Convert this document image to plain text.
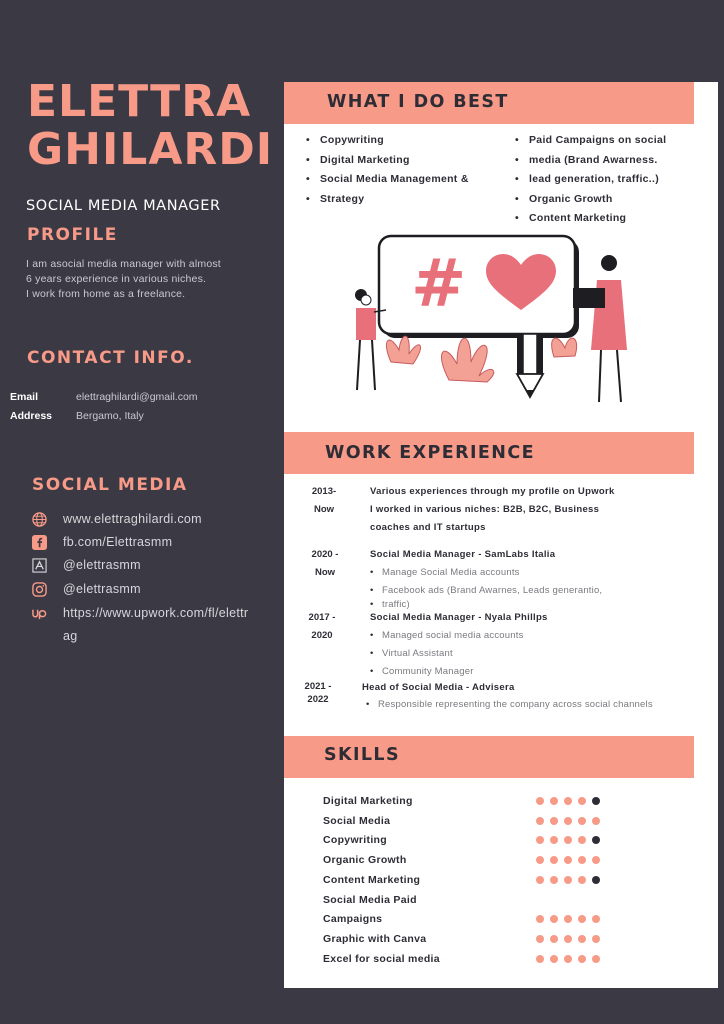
ELETTRA
GHILARDI
SOCIAL MEDIA MANAGER
PROFILE
I am asocial media manager with almost
6 years experience in various niches.
I work from home as a freelance.
CONTACT INFO.
Email	elettraghilardi@gmail.com
Address Bergamo, Italy
SOCIAL MEDIA
www.elettraghilardi.com
fb.com/Elettrasmm
@elettrasmm
@elettrasmm
https://www.upwork.com/fl/elettr
ag
WHAT I DO BEST
• Copywriting
• Digital Marketing
• Social Media Management &
• Strategy
• Paid Campaigns on social
• media (Brand Awarness.
• lead generation, traffic..)
• Organic Growth
• Content Marketing
#
WORK EXPERIENCE
2013-
Now
Various experiences through my profile on Upwork
I worked in various niches: B2B, B2C, Business
coaches and IT startups
2020 -
Now
Social Media Manager - SamLabs Italia
• Manage Social Media accounts
• Facebook ads (Brand Awarnes, Leads generantio,
• traffic)
2017 -
2020
Social Media Manager - Nyala Phillps
• Managed social media accounts
• Virtual Assistant
• Community Manager
2021 -
2022
Head of Social Media - Advisera
• Responsible representing the company across social channels
SKILLS
Digital Marketing
Social Media
Copywriting
Organic Growth
Content Marketing
Social Media Paid
Campaigns
Graphic with Canva
Excel for social media
